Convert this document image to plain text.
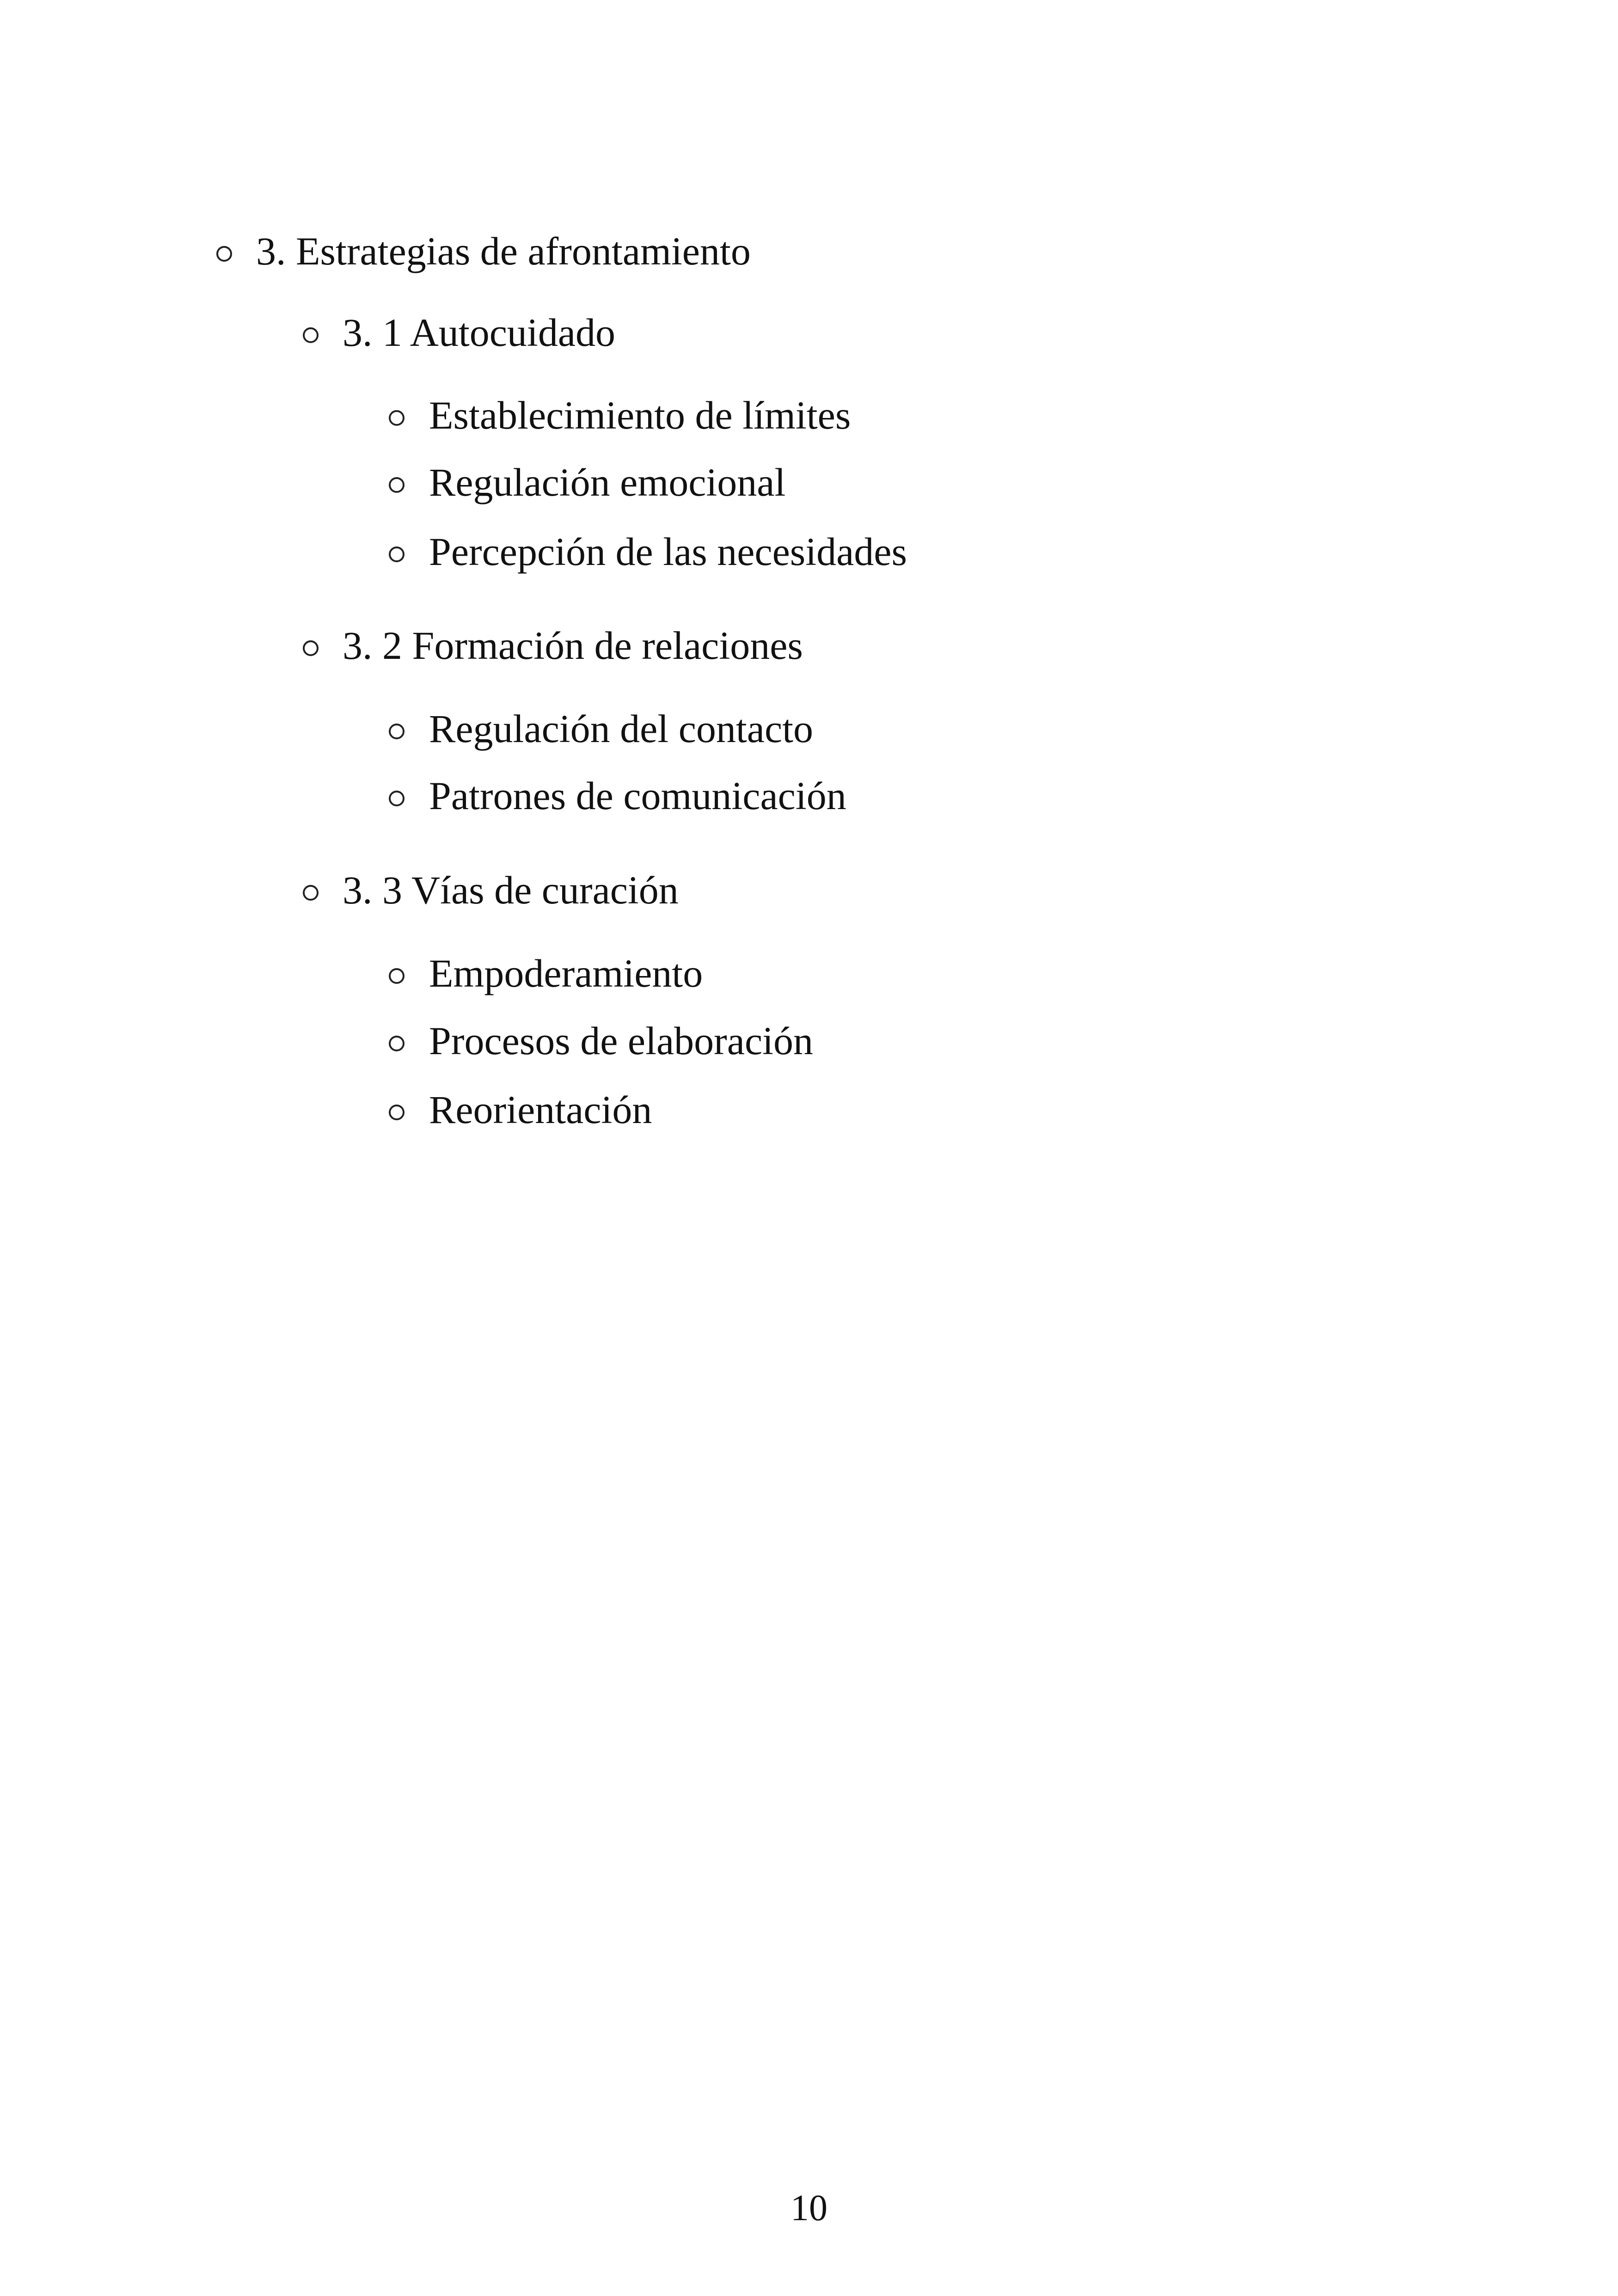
3. Estrategias de afrontamiento
3. 1 Autocuidado
Establecimiento de límites
Regulación emocional
Percepción de las necesidades
3. 2 Formación de relaciones
Regulación del contacto
Patrones de comunicación
3. 3 Vías de curación
Empoderamiento
Procesos de elaboración
Reorientación
10
